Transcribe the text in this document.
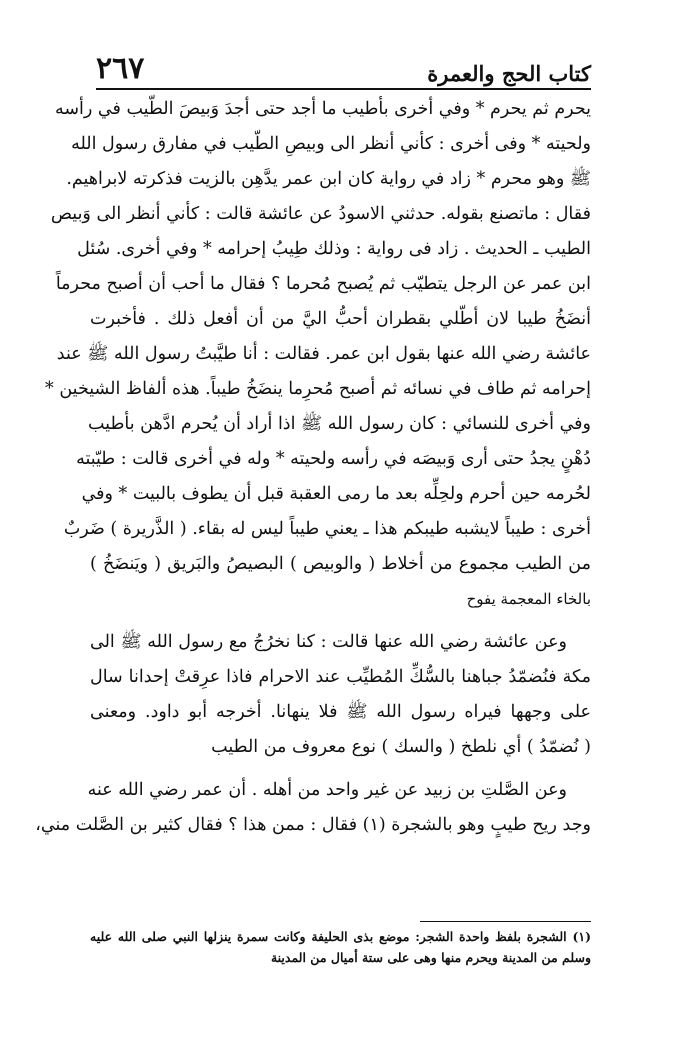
كتاب الحج والعمرة
٢٦٧
يحرم ثم يحرم * وفي أخرى بأطيب ما أجد حتى أجدَ وَبيصَ الطّيب في رأسه
ولحيته * وفى أخرى : كأني أنظر الى وبيصِ الطّيب في مفارق رسول الله
ﷺ وهو محرم * زاد في رواية كان ابن عمر يدَّهِن بالزيت فذكرته لابراهيم.
فقال : ماتصنع بقوله. حدثني الاسودُ عن عائشة قالت : كأني أنظر الى وَبيص
الطيب ـ الحديث . زاد فى رواية : وذلك طِيبُ إحرامه * وفي أخرى. سُئل
ابن عمر عن الرجل يتطيّب ثم يُصبح مُحرما ؟ فقال ما أحب أن أصبح محرماً
أنضَخُ طيبا لان أطّلي بقطران أحبُّ اليَّ من أن أفعل ذلك . فأخبرت
عائشة رضي الله عنها بقول ابن عمر. فقالت : أنا طيَّبتُ رسول الله ﷺ عند
إحرامه ثم طاف في نسائه ثم أصبح مُحرِما ينضَخُ طيباً. هذه ألفاظ الشيخين *
وفي أخرى للنسائي : كان رسول الله ﷺ اذا أراد أن يُحرم ادَّهن بأطيب
دُهْنٍ يجدُ حتى أرى وَبيصَه في رأسه ولحيته * وله في أخرى قالت : طيّبته
لحُرمه حين أحرم ولحِلِّه بعد ما رمى العقبة قبل أن يطوف بالبيت * وفي
أخرى : طيباً لايشبه طيبكم هذا ـ يعني طيباً ليس له بقاء. ( الذَّريرة ) ضَربٌ
من الطيب مجموع من أخلاط ( والوبيص ) البصيصُ والبَريق ( ويَنضَخُ )
بالخاء المعجمة يفوح
وعن عائشة رضي الله عنها قالت : كنا نخرُجُ مع رسول الله ﷺ الى
مكة فنُضمّدُ جباهنا بالسُّكِّ المُطيِّب عند الاحرام فاذا عرِقتْ إحدانا سال
على وجهها فيراه رسول الله ﷺ فلا ينهانا. أخرجه أبو داود. ومعنى
( نُضمّدُ ) أي نلطخ ( والسك ) نوع معروف من الطيب
وعن الصَّلتِ بن زبيد عن غير واحد من أهله . أن عمر رضي الله عنه
وجد ريح طيبٍ وهو بالشجرة (١) فقال : ممن هذا ؟ فقال كثير بن الصَّلت مني،
(١) الشجرة بلفظ واحدة الشجر: موضع بذى الحليفة وكانت سمرة ينزلها النبي صلى الله عليه
وسلم من المدينة ويحرم منها وهى على ستة أميال من المدينة
